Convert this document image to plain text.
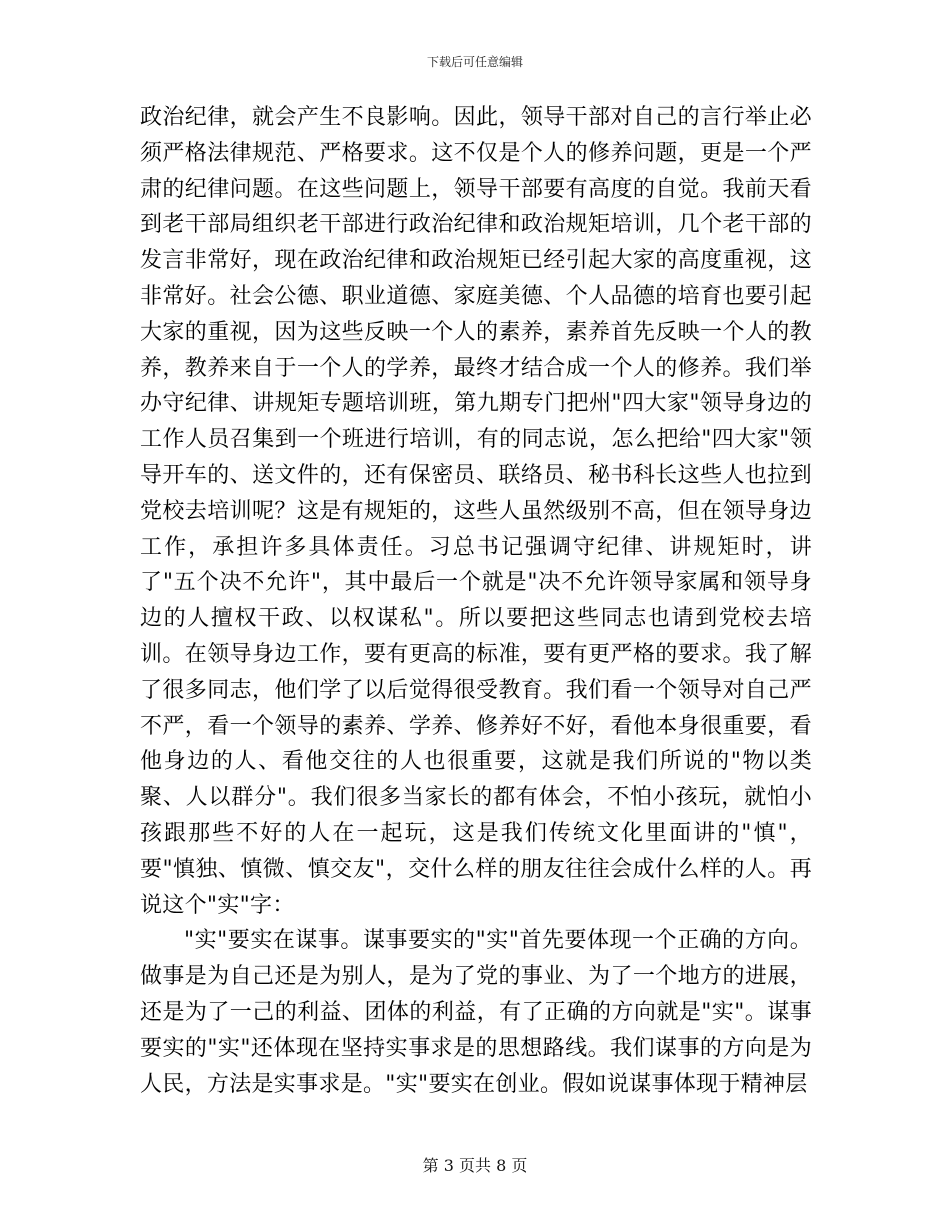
下载后可任意编辑

政治纪律，就会产生不良影响。因此，领导干部对自己的言行举止必须严格法律规范、严格要求。这不仅是个人的修养问题，更是一个严肃的纪律问题。在这些问题上，领导干部要有高度的自觉。我前天看到老干部局组织老干部进行政治纪律和政治规矩培训，几个老干部的发言非常好，现在政治纪律和政治规矩已经引起大家的高度重视，这非常好。社会公德、职业道德、家庭美德、个人品德的培育也要引起大家的重视，因为这些反映一个人的素养，素养首先反映一个人的教养，教养来自于一个人的学养，最终才结合成一个人的修养。我们举办守纪律、讲规矩专题培训班，第九期专门把州"四大家"领导身边的工作人员召集到一个班进行培训，有的同志说，怎么把给"四大家"领导开车的、送文件的，还有保密员、联络员、秘书科长这些人也拉到党校去培训呢？这是有规矩的，这些人虽然级别不高，但在领导身边工作，承担许多具体责任。习总书记强调守纪律、讲规矩时，讲了"五个决不允许"，其中最后一个就是"决不允许领导家属和领导身边的人擅权干政、以权谋私"。所以要把这些同志也请到党校去培训。在领导身边工作，要有更高的标准，要有更严格的要求。我了解了很多同志，他们学了以后觉得很受教育。我们看一个领导对自己严不严，看一个领导的素养、学养、修养好不好，看他本身很重要，看他身边的人、看他交往的人也很重要，这就是我们所说的"物以类聚、人以群分"。我们很多当家长的都有体会，不怕小孩玩，就怕小孩跟那些不好的人在一起玩，这是我们传统文化里面讲的"慎"，要"慎独、慎微、慎交友"，交什么样的朋友往往会成什么样的人。再说这个"实"字：

"实"要实在谋事。谋事要实的"实"首先要体现一个正确的方向。做事是为自己还是为别人，是为了党的事业、为了一个地方的进展，还是为了一己的利益、团体的利益，有了正确的方向就是"实"。谋事要实的"实"还体现在坚持实事求是的思想路线。我们谋事的方向是为人民，方法是实事求是。"实"要实在创业。假如说谋事体现于精神层

第 3 页共 8 页
